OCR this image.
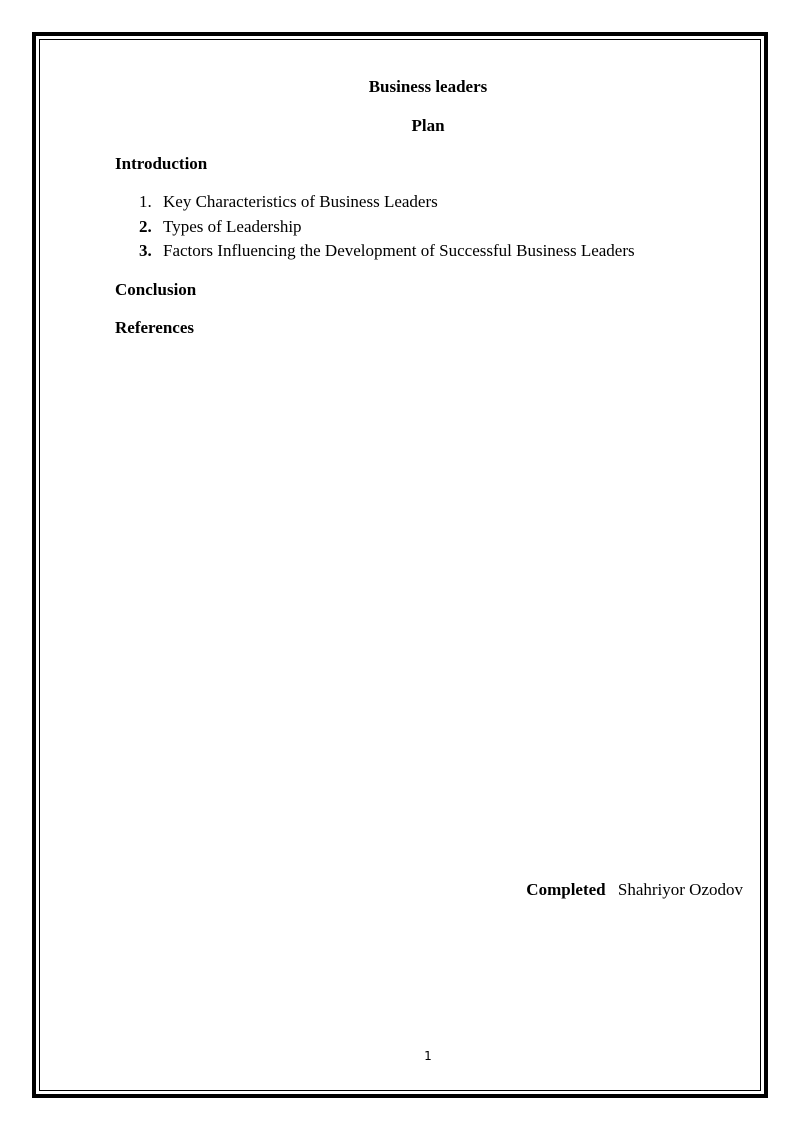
Business leaders
Plan
Introduction
1. Key Characteristics of Business Leaders
2. Types of Leadership
3. Factors Influencing the Development of Successful Business Leaders
Conclusion
References
Completed Shahriyor Ozodov
1
